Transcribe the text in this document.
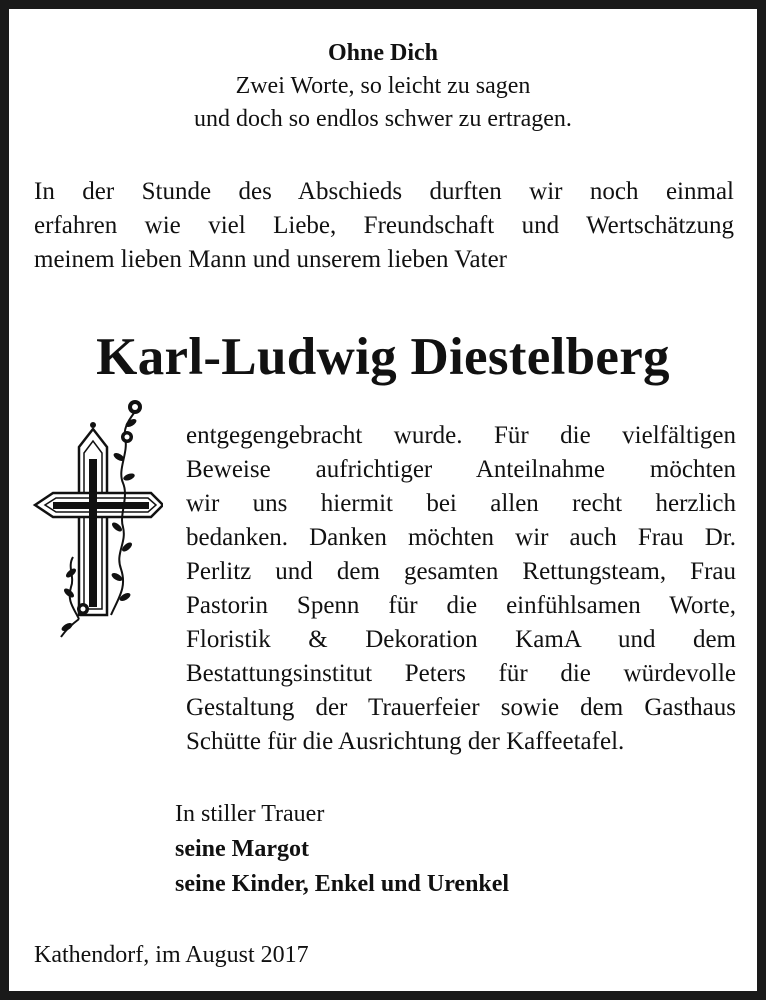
Ohne Dich
Zwei Worte, so leicht zu sagen
und doch so endlos schwer zu ertragen.
In der Stunde des Abschieds durften wir noch einmal
erfahren wie viel Liebe, Freundschaft und Wertschätzung
meinem lieben Mann und unserem lieben Vater
Karl-Ludwig Diestelberg
entgegengebracht wurde. Für die vielfältigen
Beweise aufrichtiger Anteilnahme möchten
wir uns hiermit bei allen recht herzlich
bedanken. Danken möchten wir auch Frau Dr.
Perlitz und dem gesamten Rettungsteam, Frau
Pastorin Spenn für die einfühlsamen Worte,
Floristik & Dekoration KamA und dem
Bestattungsinstitut Peters für die würdevolle
Gestaltung der Trauerfeier sowie dem Gasthaus
Schütte für die Ausrichtung der Kaffeetafel.
In stiller Trauer
seine Margot
seine Kinder, Enkel und Urenkel
Kathendorf, im August 2017
